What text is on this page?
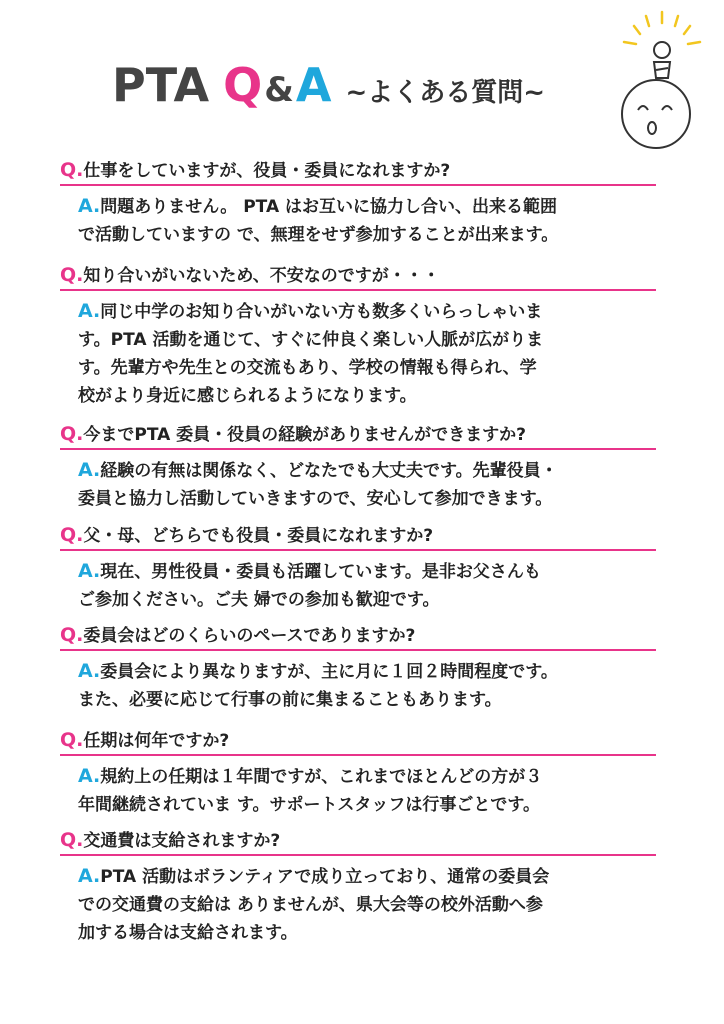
PTA Q & A ~よくある質問~
Q.仕事をしていますが、役員・委員になれますか?
A.問題ありません。 PTA はお互いに協力し合い、出来る範囲
で活動していますの で、無理をせず参加することが出来ます。
Q.知り合いがいないため、不安なのですが・・・
A.同じ中学のお知り合いがいない方も数多くいらっしゃいま
す。PTA 活動を通じて、すぐに仲良く楽しい人脈が広がりま
す。先輩方や先生との交流もあり、学校の情報も得られ、学
校がより身近に感じられるようになります。
Q.今までPTA 委員・役員の経験がありませんができますか?
A.経験の有無は関係なく、どなたでも大丈夫です。先輩役員・
委員と協力し活動していきますので、安心して参加できます。
Q.父・母、どちらでも役員・委員になれますか?
A.現在、男性役員・委員も活躍しています。是非お父さんも
ご参加ください。ご夫 婦での参加も歓迎です。
Q.委員会はどのくらいのペースでありますか?
A.委員会により異なりますが、主に月に１回２時間程度です。
また、必要に応じて行事の前に集まることもあります。
Q.任期は何年ですか?
A.規約上の任期は１年間ですが、これまでほとんどの方が３
年間継続されていま す。サポートスタッフは行事ごとです。
Q.交通費は支給されますか?
A.PTA 活動はボランティアで成り立っており、通常の委員会
での交通費の支給は ありませんが、県大会等の校外活動へ参
加する場合は支給されます。
